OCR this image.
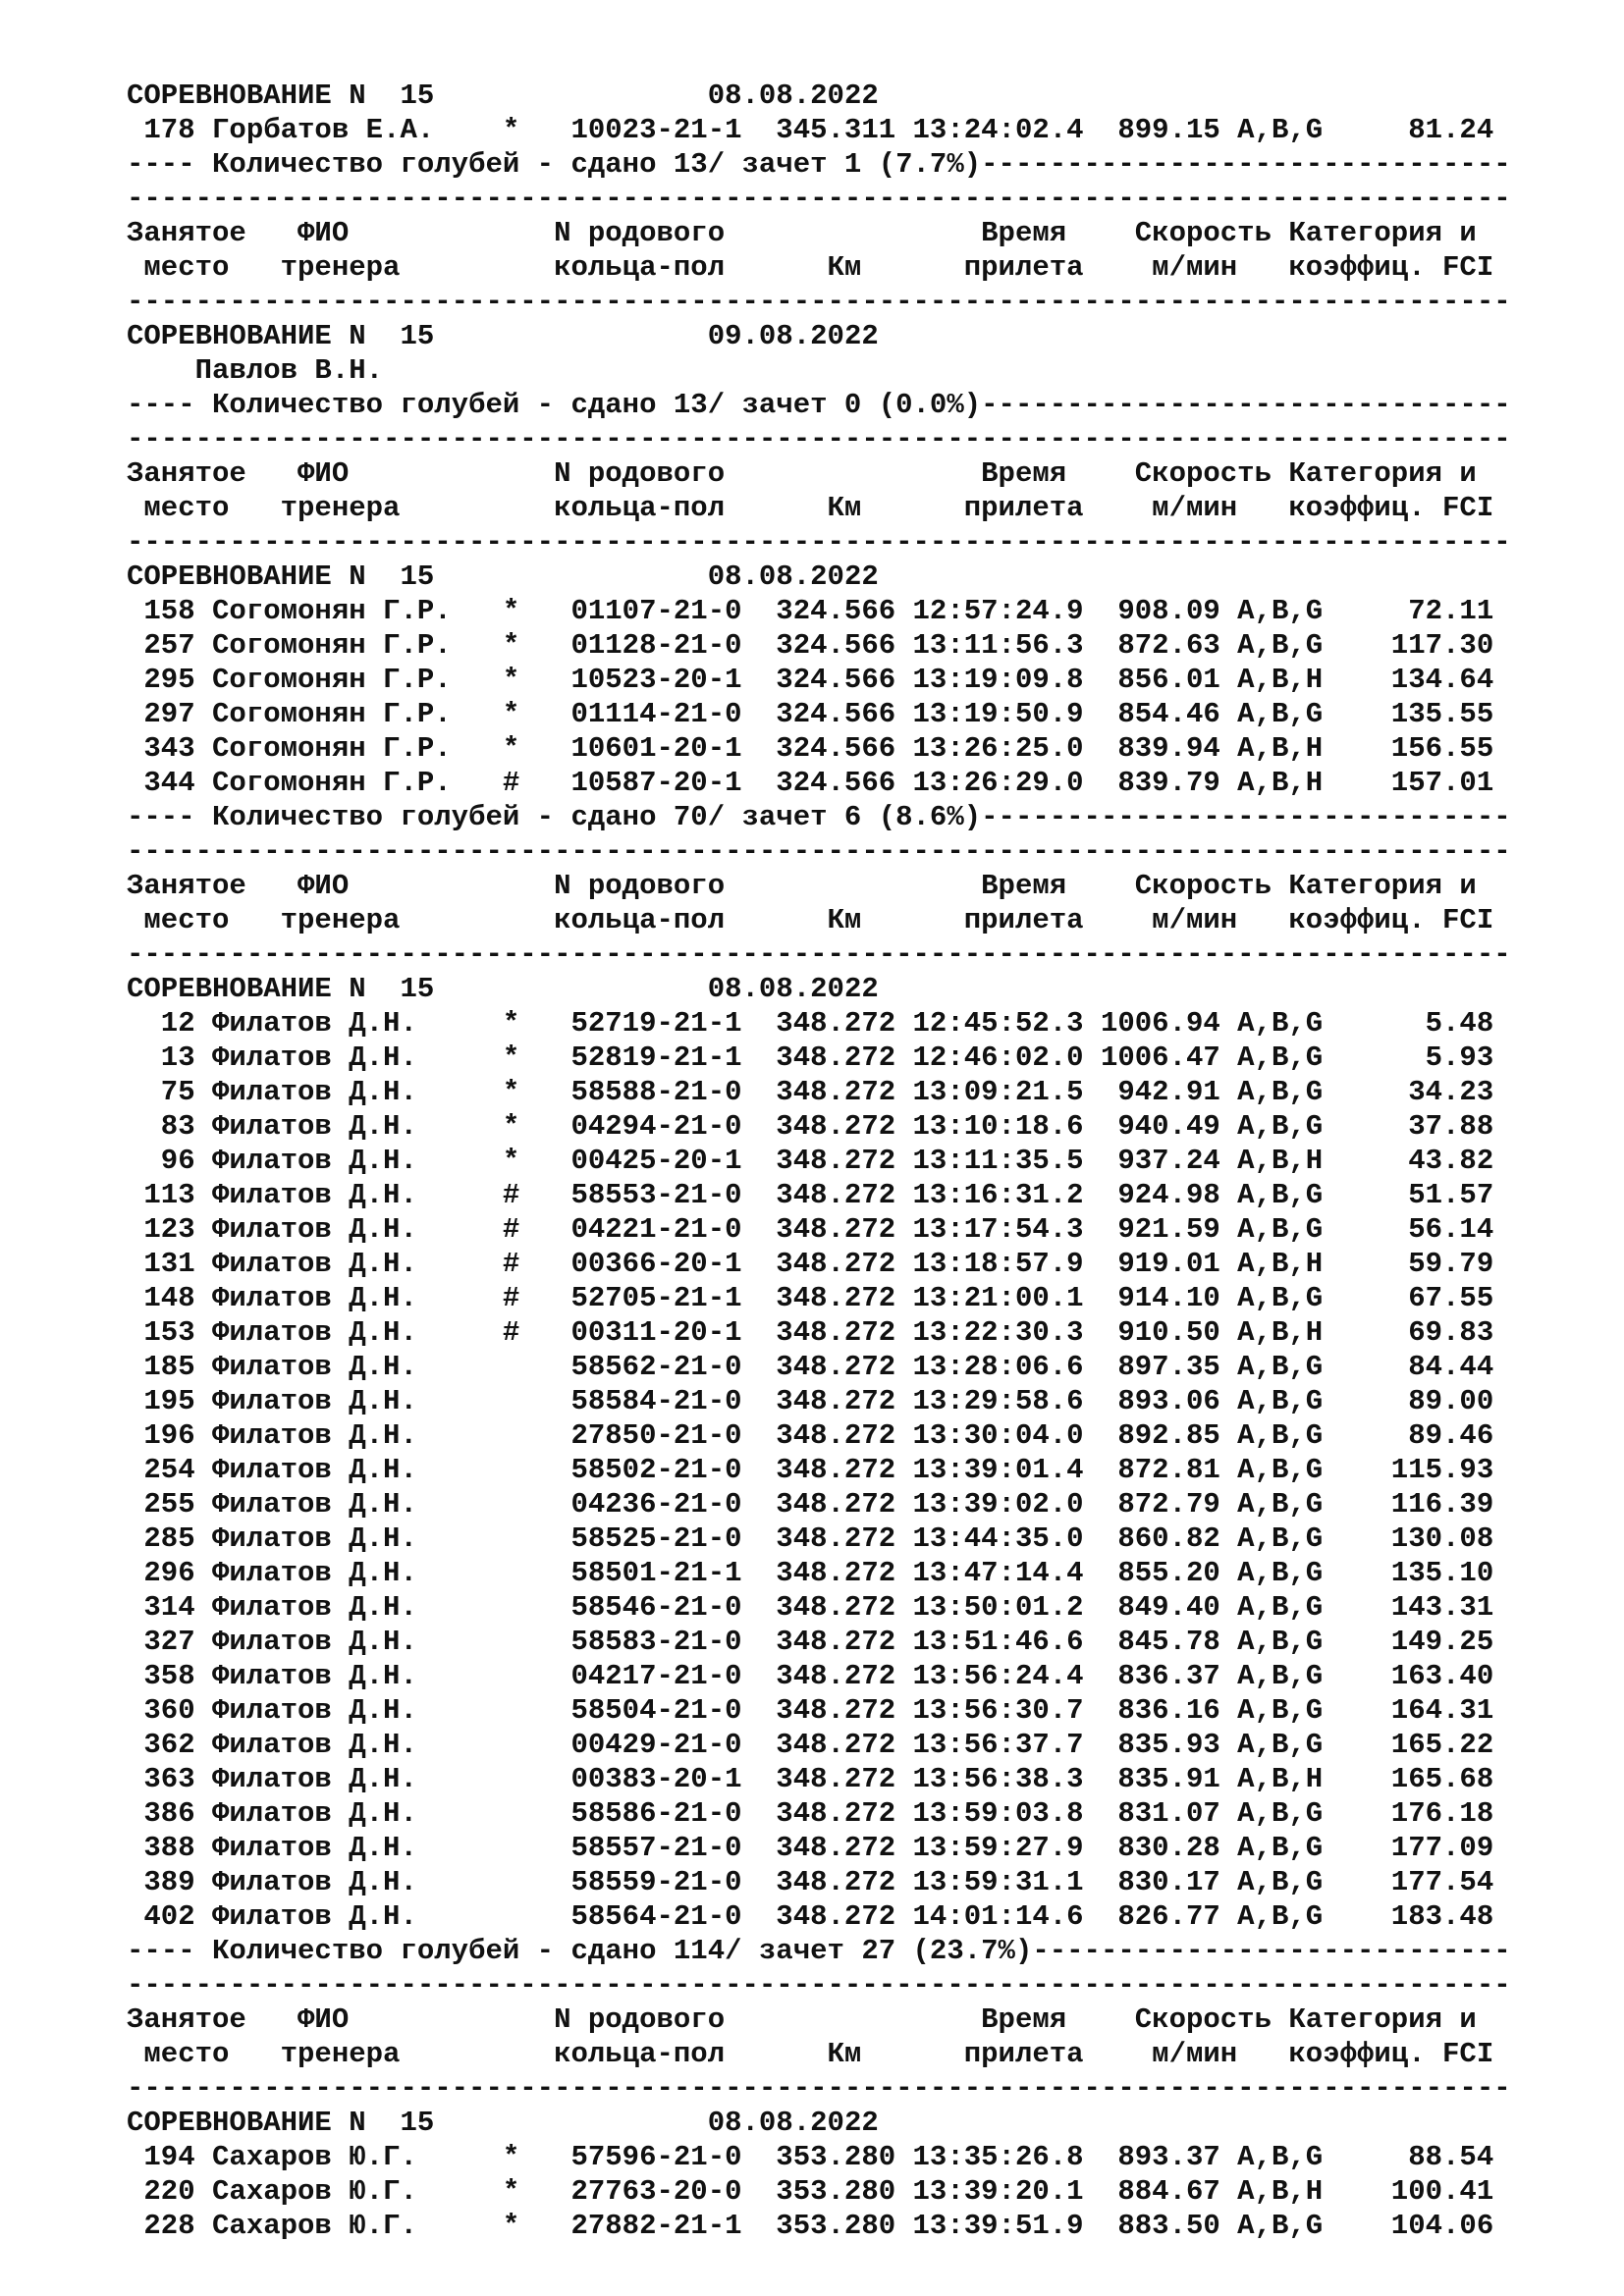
СОРЕВНОВАНИЕ N  15	08.08.2022
178 Горбатов Е.А.    *   10023-21-1  345.311 13:24:02.4  899.15 A,B,G     81.24
---- Количество голубей - сдано 13/ зачет 1 (7.7%)-------------------------------
---------------------------------------------------------------------------------
Занятое   ФИО            N родового               Время    Скорость Категория и
место   тренера         кольца-пол      Км      прилета    м/мин   коэффиц. FCI
---------------------------------------------------------------------------------
СОРЕВНОВАНИЕ N  15	09.08.2022
Павлов В.Н.
---- Количество голубей - сдано 13/ зачет 0 (0.0%)-------------------------------
---------------------------------------------------------------------------------
Занятое   ФИО            N родового               Время    Скорость Категория и
место   тренера         кольца-пол      Км      прилета    м/мин   коэффиц. FCI
---------------------------------------------------------------------------------
СОРЕВНОВАНИЕ N  15	08.08.2022
158 Согомонян Г.Р.   *   01107-21-0  324.566 12:57:24.9  908.09 A,B,G     72.11
257 Согомонян Г.Р.   *   01128-21-0  324.566 13:11:56.3  872.63 A,B,G    117.30
295 Согомонян Г.Р.   *   10523-20-1  324.566 13:19:09.8  856.01 A,B,H    134.64
297 Согомонян Г.Р.   *   01114-21-0  324.566 13:19:50.9  854.46 A,B,G    135.55
343 Согомонян Г.Р.   *   10601-20-1  324.566 13:26:25.0  839.94 A,B,H    156.55
344 Согомонян Г.Р.   #   10587-20-1  324.566 13:26:29.0  839.79 A,B,H    157.01
---- Количество голубей - сдано 70/ зачет 6 (8.6%)-------------------------------
---------------------------------------------------------------------------------
Занятое   ФИО            N родового               Время    Скорость Категория и
место   тренера         кольца-пол      Км      прилета    м/мин   коэффиц. FCI
---------------------------------------------------------------------------------
СОРЕВНОВАНИЕ N  15	08.08.2022
12 Филатов Д.Н.     *   52719-21-1  348.272 12:45:52.3 1006.94 A,B,G      5.48
13 Филатов Д.Н.     *   52819-21-1  348.272 12:46:02.0 1006.47 A,B,G      5.93
75 Филатов Д.Н.     *   58588-21-0  348.272 13:09:21.5  942.91 A,B,G     34.23
83 Филатов Д.Н.     *   04294-21-0  348.272 13:10:18.6  940.49 A,B,G     37.88
96 Филатов Д.Н.     *   00425-20-1  348.272 13:11:35.5  937.24 A,B,H     43.82
113 Филатов Д.Н.     #   58553-21-0  348.272 13:16:31.2  924.98 A,B,G     51.57
123 Филатов Д.Н.     #   04221-21-0  348.272 13:17:54.3  921.59 A,B,G     56.14
131 Филатов Д.Н.     #   00366-20-1  348.272 13:18:57.9  919.01 A,B,H     59.79
148 Филатов Д.Н.     #   52705-21-1  348.272 13:21:00.1  914.10 A,B,G     67.55
153 Филатов Д.Н.     #   00311-20-1  348.272 13:22:30.3  910.50 A,B,H     69.83
185 Филатов Д.Н.         58562-21-0  348.272 13:28:06.6  897.35 A,B,G     84.44
195 Филатов Д.Н.         58584-21-0  348.272 13:29:58.6  893.06 A,B,G     89.00
196 Филатов Д.Н.         27850-21-0  348.272 13:30:04.0  892.85 A,B,G     89.46
254 Филатов Д.Н.         58502-21-0  348.272 13:39:01.4  872.81 A,B,G    115.93
255 Филатов Д.Н.         04236-21-0  348.272 13:39:02.0  872.79 A,B,G    116.39
285 Филатов Д.Н.         58525-21-0  348.272 13:44:35.0  860.82 A,B,G    130.08
296 Филатов Д.Н.         58501-21-1  348.272 13:47:14.4  855.20 A,B,G    135.10
314 Филатов Д.Н.         58546-21-0  348.272 13:50:01.2  849.40 A,B,G    143.31
327 Филатов Д.Н.         58583-21-0  348.272 13:51:46.6  845.78 A,B,G    149.25
358 Филатов Д.Н.         04217-21-0  348.272 13:56:24.4  836.37 A,B,G    163.40
360 Филатов Д.Н.         58504-21-0  348.272 13:56:30.7  836.16 A,B,G    164.31
362 Филатов Д.Н.         00429-21-0  348.272 13:56:37.7  835.93 A,B,G    165.22
363 Филатов Д.Н.         00383-20-1  348.272 13:56:38.3  835.91 A,B,H    165.68
386 Филатов Д.Н.         58586-21-0  348.272 13:59:03.8  831.07 A,B,G    176.18
388 Филатов Д.Н.         58557-21-0  348.272 13:59:27.9  830.28 A,B,G    177.09
389 Филатов Д.Н.         58559-21-0  348.272 13:59:31.1  830.17 A,B,G    177.54
402 Филатов Д.Н.         58564-21-0  348.272 14:01:14.6  826.77 A,B,G    183.48
---- Количество голубей - сдано 114/ зачет 27 (23.7%)----------------------------
---------------------------------------------------------------------------------
Занятое   ФИО            N родового               Время    Скорость Категория и
место   тренера         кольца-пол      Км      прилета    м/мин   коэффиц. FCI
---------------------------------------------------------------------------------
СОРЕВНОВАНИЕ N  15	08.08.2022
194 Сахаров Ю.Г.     *   57596-21-0  353.280 13:35:26.8  893.37 A,B,G     88.54
220 Сахаров Ю.Г.     *   27763-20-0  353.280 13:39:20.1  884.67 A,B,H    100.41
228 Сахаров Ю.Г.     *   27882-21-1  353.280 13:39:51.9  883.50 A,B,G    104.06
